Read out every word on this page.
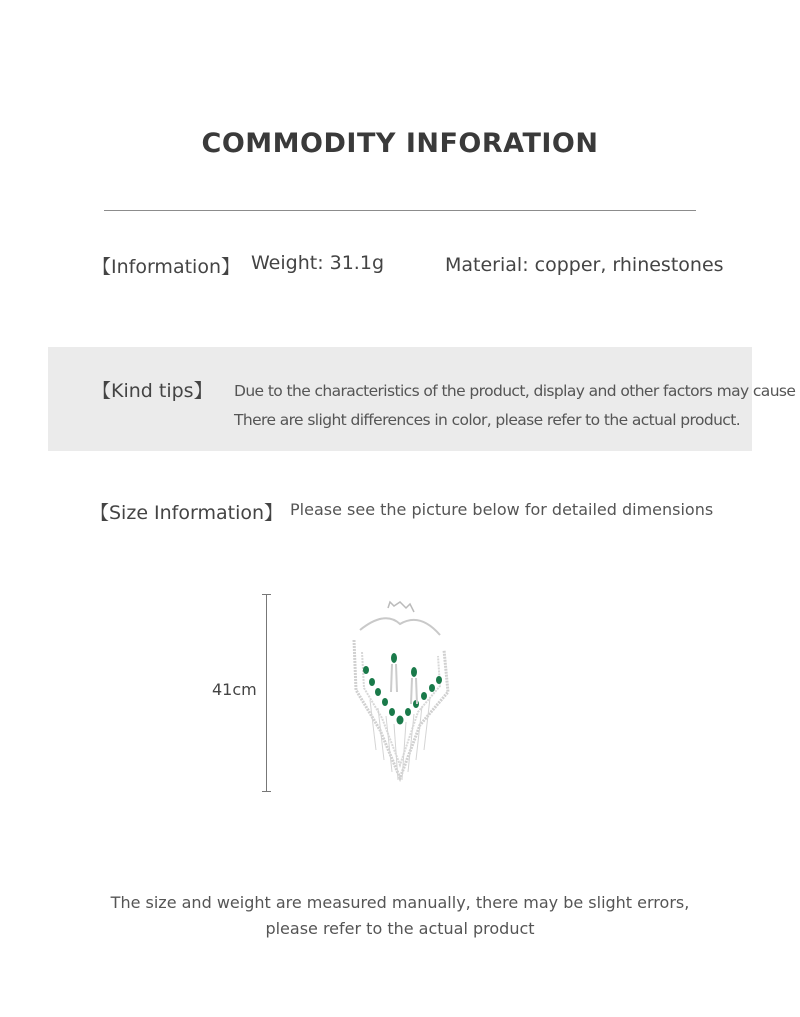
COMMODITY INFORATION
【Information】 Weight: 31.1g	Material: copper, rhinestones
【Kind tips】 Due to the characteristics of the product, display and other factors may cause
There are slight differences in color, please refer to the actual product.
【Size Information】 Please see the picture below for detailed dimensions
41cm
The size and weight are measured manually, there may be slight errors,
please refer to the actual product
